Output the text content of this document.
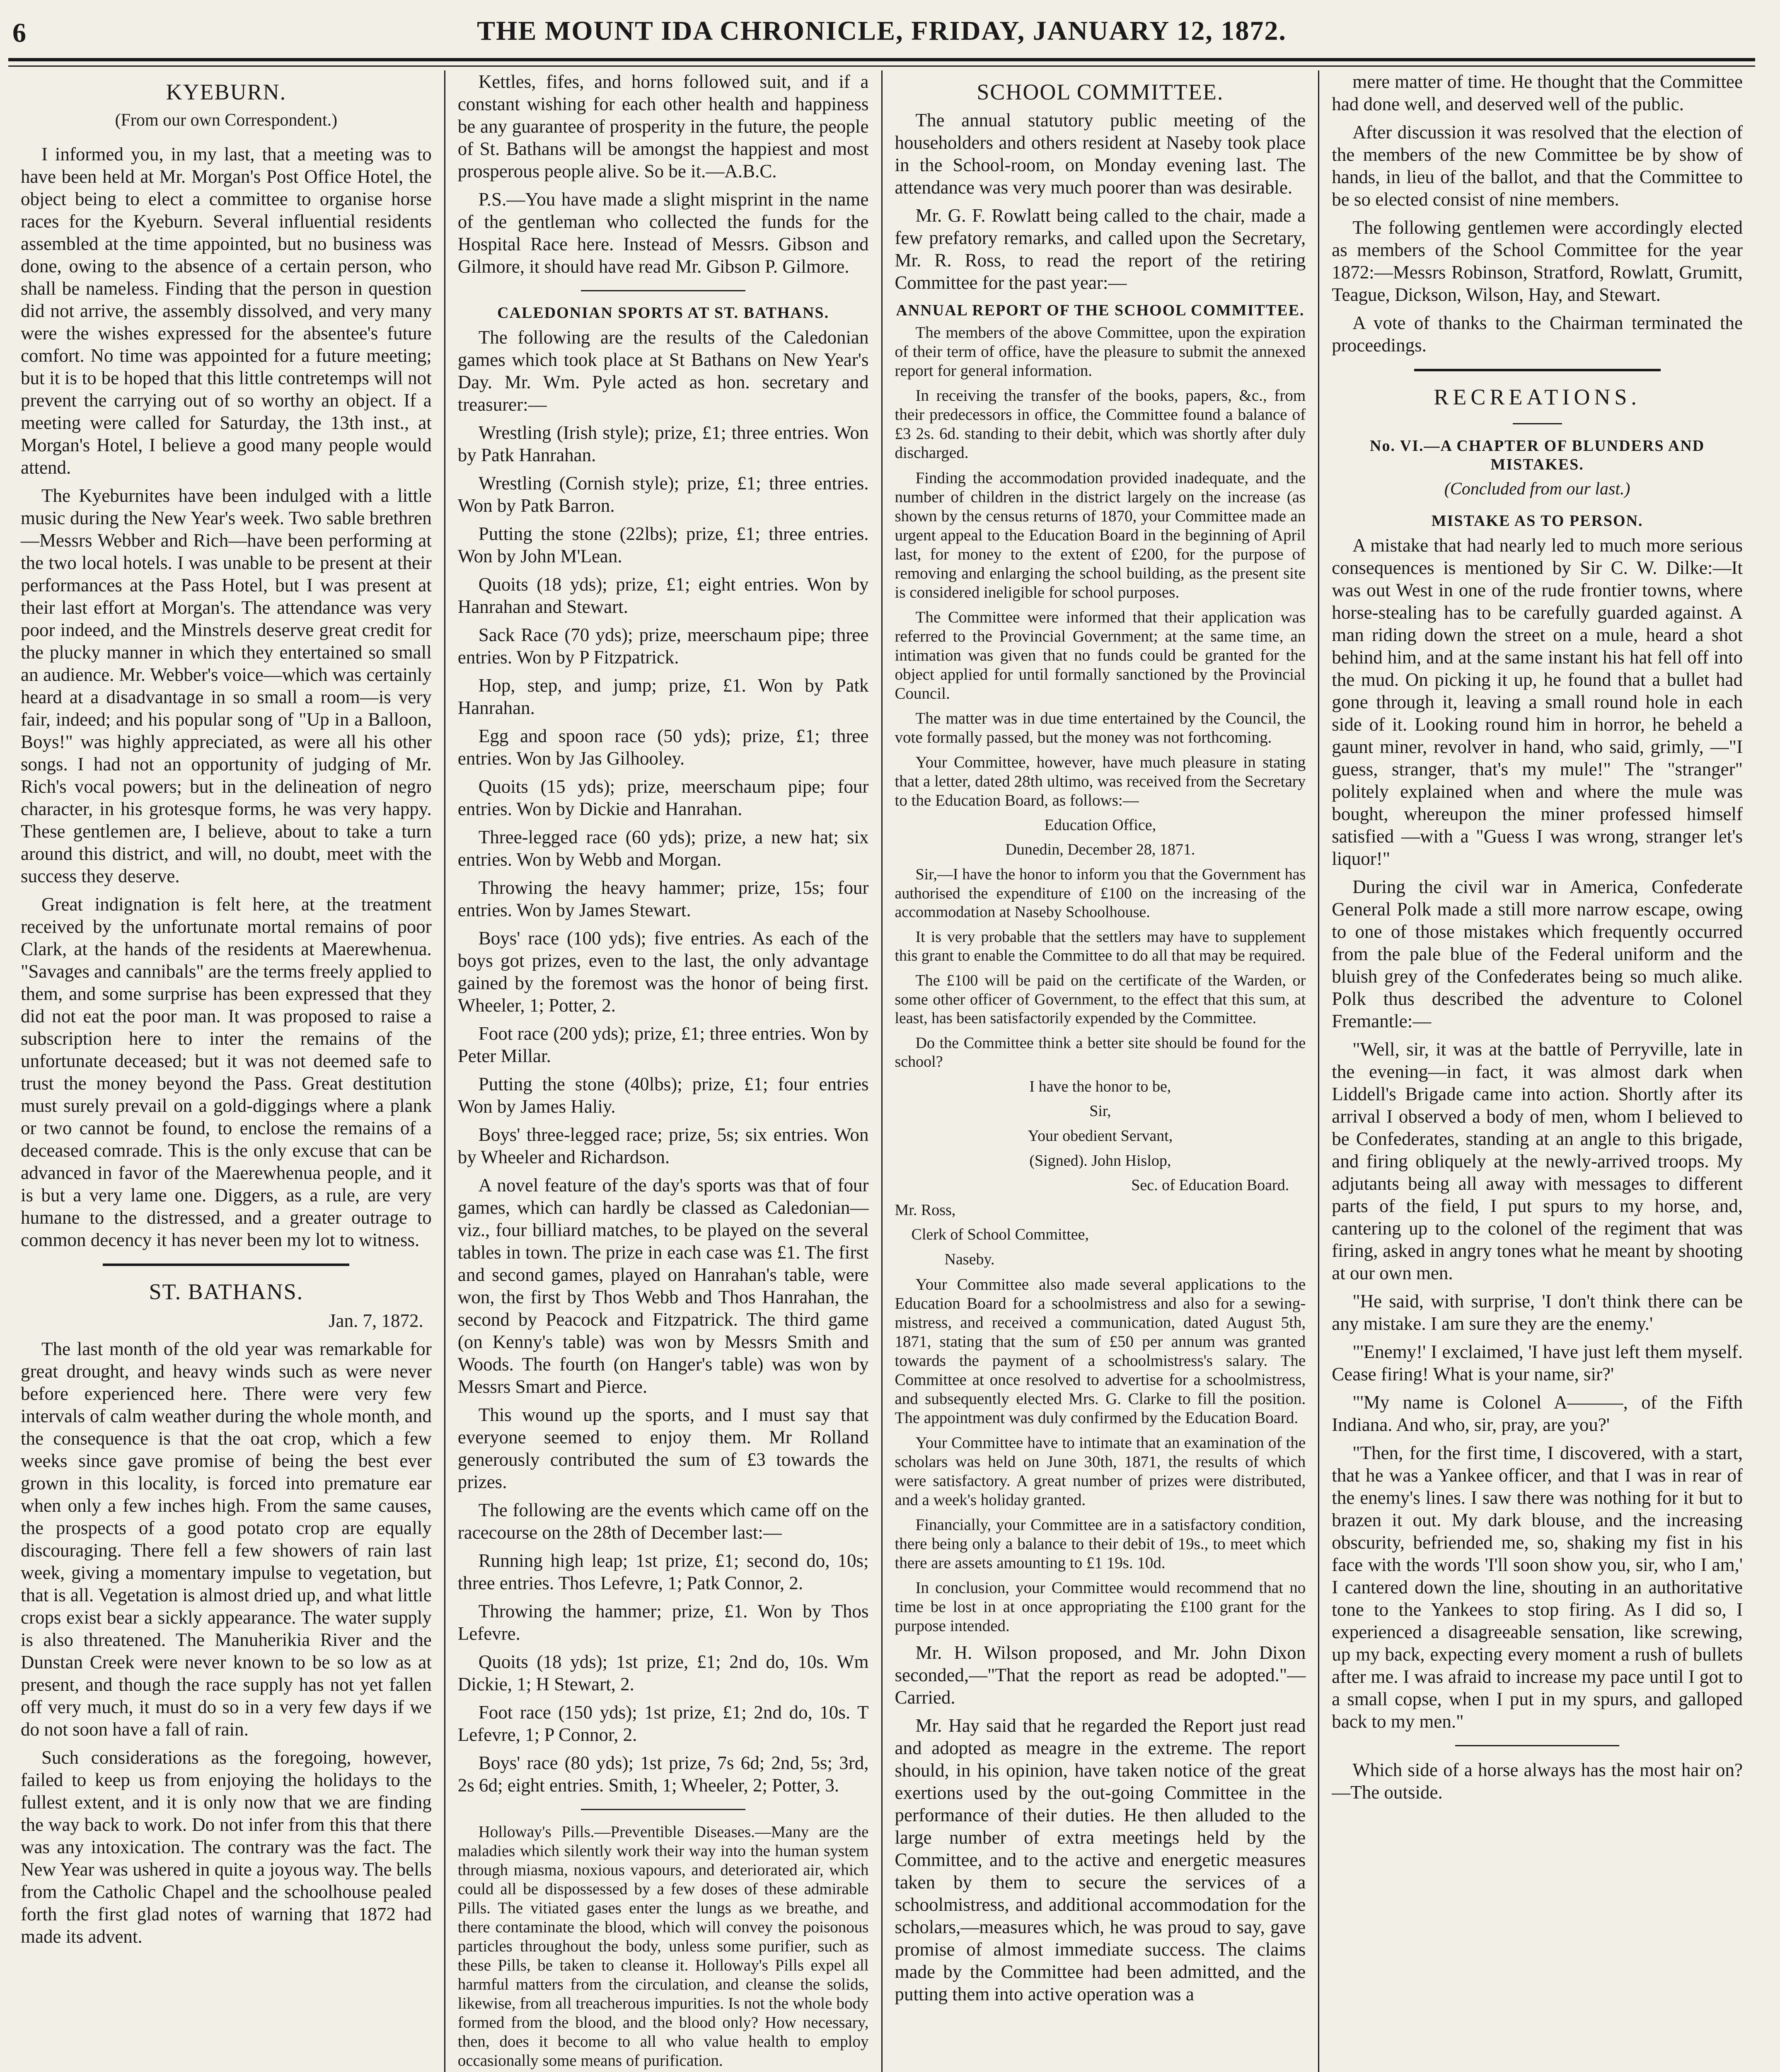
6	THE MOUNT IDA CHRONICLE, FRIDAY, JANUARY 12, 1872.
KYEBURN.
(From our own Correspondent.)

I informed you, in my last, that a meeting was to have been held at Mr. Morgan's Post Office Hotel, the object being to elect a committee to organise horse races for the Kyeburn. Several influential residents assembled at the time appointed, but no business was done, owing to the absence of a certain person, who shall be nameless. Finding that the person in question did not arrive, the assembly dissolved, and very many were the wishes expressed for the absentee's future comfort. No time was appointed for a future meeting; but it is to be hoped that this little contretemps will not prevent the carrying out of so worthy an object. If a meeting were called for Saturday, the 13th inst., at Morgan's Hotel, I believe a good many people would attend.

The Kyeburnites have been indulged with a little music during the New Year's week. Two sable brethren—Messrs Webber and Rich—have been performing at the two local hotels. I was unable to be present at their performances at the Pass Hotel, but I was present at their last effort at Morgan's. The attendance was very poor indeed, and the Minstrels deserve great credit for the plucky manner in which they entertained so small an audience. Mr. Webber's voice—which was certainly heard at a disadvantage in so small a room—is very fair, indeed; and his popular song of "Up in a Balloon, Boys!" was highly appreciated, as were all his other songs. I had not an opportunity of judging of Mr. Rich's vocal powers; but in the delineation of negro character, in his grotesque forms, he was very happy. These gentlemen are, I believe, about to take a turn around this district, and will, no doubt, meet with the success they deserve.

Great indignation is felt here, at the treatment received by the unfortunate mortal remains of poor Clark, at the hands of the residents at Maerewhenua. "Savages and cannibals" are the terms freely applied to them, and some surprise has been expressed that they did not eat the poor man. It was proposed to raise a subscription here to inter the remains of the unfortunate deceased; but it was not deemed safe to trust the money beyond the Pass. Great destitution must surely prevail on a gold-diggings where a plank or two cannot be found, to enclose the remains of a deceased comrade. This is the only excuse that can be advanced in favor of the Maerewhenua people, and it is but a very lame one. Diggers, as a rule, are very humane to the distressed, and a greater outrage to common decency it has never been my lot to witness.

ST. BATHANS.
Jan. 7, 1872.

The last month of the old year was remarkable for great drought, and heavy winds such as were never before experienced here. There were very few intervals of calm weather during the whole month, and the consequence is that the oat crop, which a few weeks since gave promise of being the best ever grown in this locality, is forced into premature ear when only a few inches high. From the same causes, the prospects of a good potato crop are equally discouraging. There fell a few showers of rain last week, giving a momentary impulse to vegetation, but that is all. Vegetation is almost dried up, and what little crops exist bear a sickly appearance. The water supply is also threatened. The Manuherikia River and the Dunstan Creek were never known to be so low as at present, and though the race supply has not yet fallen off very much, it must do so in a very few days if we do not soon have a fall of rain.

Such considerations as the foregoing, however, failed to keep us from enjoying the holidays to the fullest extent, and it is only now that we are finding the way back to work. Do not infer from this that there was any intoxication. The contrary was the fact. The New Year was ushered in quite a joyous way. The bells from the Catholic Chapel and the schoolhouse pealed forth the first glad notes of warning that 1872 had made its advent.

Kettles, fifes, and horns followed suit, and if a constant wishing for each other health and happiness be any guarantee of prosperity in the future, the people of St. Bathans will be amongst the happiest and most prosperous people alive. So be it.—A.B.C.

P.S.—You have made a slight misprint in the name of the gentleman who collected the funds for the Hospital Race here. Instead of Messrs. Gibson and Gilmore, it should have read Mr. Gibson P. Gilmore.

CALEDONIAN SPORTS AT ST. BATHANS.

The following are the results of the Caledonian games which took place at St Bathans on New Year's Day. Mr. Wm. Pyle acted as hon. secretary and treasurer:—

Wrestling (Irish style); prize, £1; three entries. Won by Patk Hanrahan.

Wrestling (Cornish style); prize, £1; three entries. Won by Patk Barron.

Putting the stone (22lbs); prize, £1; three entries. Won by John M'Lean.

Quoits (18 yds); prize, £1; eight entries. Won by Hanrahan and Stewart.

Sack Race (70 yds); prize, meerschaum pipe; three entries. Won by P Fitzpatrick.

Hop, step, and jump; prize, £1. Won by Patk Hanrahan.

Egg and spoon race (50 yds); prize, £1; three entries. Won by Jas Gilhooley.

Quoits (15 yds); prize, meerschaum pipe; four entries. Won by Dickie and Hanrahan.

Three-legged race (60 yds); prize, a new hat; six entries. Won by Webb and Morgan.

Throwing the heavy hammer; prize, 15s; four entries. Won by James Stewart.

Boys' race (100 yds); five entries. As each of the boys got prizes, even to the last, the only advantage gained by the foremost was the honor of being first. Wheeler, 1; Potter, 2.

Foot race (200 yds); prize, £1; three entries. Won by Peter Millar.

Putting the stone (40lbs); prize, £1; four entries Won by James Haliy.

Boys' three-legged race; prize, 5s; six entries. Won by Wheeler and Richardson.

A novel feature of the day's sports was that of four games, which can hardly be classed as Caledonian—viz., four billiard matches, to be played on the several tables in town. The prize in each case was £1. The first and second games, played on Hanrahan's table, were won, the first by Thos Webb and Thos Hanrahan, the second by Peacock and Fitzpatrick. The third game (on Kenny's table) was won by Messrs Smith and Woods. The fourth (on Hanger's table) was won by Messrs Smart and Pierce.

This wound up the sports, and I must say that everyone seemed to enjoy them. Mr Rolland generously contributed the sum of £3 towards the prizes.

The following are the events which came off on the racecourse on the 28th of December last:—

Running high leap; 1st prize, £1; second do, 10s; three entries. Thos Lefevre, 1; Patk Connor, 2.

Throwing the hammer; prize, £1. Won by Thos Lefevre.

Quoits (18 yds); 1st prize, £1; 2nd do, 10s. Wm Dickie, 1; H Stewart, 2.

Foot race (150 yds); 1st prize, £1; 2nd do, 10s. T Lefevre, 1; P Connor, 2.

Boys' race (80 yds); 1st prize, 7s 6d; 2nd, 5s; 3rd, 2s 6d; eight entries. Smith, 1; Wheeler, 2; Potter, 3.

Holloway's Pills.—Preventible Diseases.—Many are the maladies which silently work their way into the human system through miasma, noxious vapours, and deteriorated air, which could all be dispossessed by a few doses of these admirable Pills. The vitiated gases enter the lungs as we breathe, and there contaminate the blood, which will convey the poisonous particles throughout the body, unless some purifier, such as these Pills, be taken to cleanse it. Holloway's Pills expel all harmful matters from the circulation, and cleanse the solids, likewise, from all treacherous impurities. Is not the whole body formed from the blood, and the blood only? How necessary, then, does it become to all who value health to employ occasionally some means of purification.

SCHOOL COMMITTEE.

The annual statutory public meeting of the householders and others resident at Naseby took place in the School-room, on Monday evening last. The attendance was very much poorer than was desirable.

Mr. G. F. Rowlatt being called to the chair, made a few prefatory remarks, and called upon the Secretary, Mr. R. Ross, to read the report of the retiring Committee for the past year:—

ANNUAL REPORT OF THE SCHOOL COMMITTEE.

The members of the above Committee, upon the expiration of their term of office, have the pleasure to submit the annexed report for general information.

In receiving the transfer of the books, papers, &c., from their predecessors in office, the Committee found a balance of £3 2s. 6d. standing to their debit, which was shortly after duly discharged.

Finding the accommodation provided inadequate, and the number of children in the district largely on the increase (as shown by the census returns of 1870, your Committee made an urgent appeal to the Education Board in the beginning of April last, for money to the extent of £200, for the purpose of removing and enlarging the school building, as the present site is considered ineligible for school purposes.

The Committee were informed that their application was referred to the Provincial Government; at the same time, an intimation was given that no funds could be granted for the object applied for until formally sanctioned by the Provincial Council.

The matter was in due time entertained by the Council, the vote formally passed, but the money was not forthcoming.

Your Committee, however, have much pleasure in stating that a letter, dated 28th ultimo, was received from the Secretary to the Education Board, as follows:—

Education Office,

Dunedin, December 28, 1871.

Sir,—I have the honor to inform you that the Government has authorised the expenditure of £100 on the increasing of the accommodation at Naseby Schoolhouse.

It is very probable that the settlers may have to supplement this grant to enable the Committee to do all that may be required.

The £100 will be paid on the certificate of the Warden, or some other officer of Government, to the effect that this sum, at least, has been satisfactorily expended by the Committee.

Do the Committee think a better site should be found for the school?

I have the honor to be,

Sir,

Your obedient Servant,

(Signed). John Hislop,

Sec. of Education Board.

Mr. Ross,

Clerk of School Committee,

Naseby.

Your Committee also made several applications to the Education Board for a schoolmistress and also for a sewing-mistress, and received a communication, dated August 5th, 1871, stating that the sum of £50 per annum was granted towards the payment of a schoolmistress's salary. The Committee at once resolved to advertise for a schoolmistress, and subsequently elected Mrs. G. Clarke to fill the position. The appointment was duly confirmed by the Education Board.

Your Committee have to intimate that an examination of the scholars was held on June 30th, 1871, the results of which were satisfactory. A great number of prizes were distributed, and a week's holiday granted.

Financially, your Committee are in a satisfactory condition, there being only a balance to their debit of 19s., to meet which there are assets amounting to £1 19s. 10d.

In conclusion, your Committee would recommend that no time be lost in at once appropriating the £100 grant for the purpose intended.

Mr. H. Wilson proposed, and Mr. John Dixon seconded,—"That the report as read be adopted."—Carried.

Mr. Hay said that he regarded the Report just read and adopted as meagre in the extreme. The report should, in his opinion, have taken notice of the great exertions used by the out-going Committee in the performance of their duties. He then alluded to the large number of extra meetings held by the Committee, and to the active and energetic measures taken by them to secure the services of a schoolmistress, and additional accommodation for the scholars,—measures which, he was proud to say, gave promise of almost immediate success. The claims made by the Committee had been admitted, and the putting them into active operation was a

mere matter of time. He thought that the Committee had done well, and deserved well of the public.

After discussion it was resolved that the election of the members of the new Committee be by show of hands, in lieu of the ballot, and that the Committee to be so elected consist of nine members.

The following gentlemen were accordingly elected as members of the School Committee for the year 1872:—Messrs Robinson, Stratford, Rowlatt, Grumitt, Teague, Dickson, Wilson, Hay, and Stewart.

A vote of thanks to the Chairman terminated the proceedings.

RECREATIONS.
No. VI.—A CHAPTER OF BLUNDERS AND MISTAKES.
(Concluded from our last.)
MISTAKE AS TO PERSON.

A mistake that had nearly led to much more serious consequences is mentioned by Sir C. W. Dilke:—It was out West in one of the rude frontier towns, where horse-stealing has to be carefully guarded against. A man riding down the street on a mule, heard a shot behind him, and at the same instant his hat fell off into the mud. On picking it up, he found that a bullet had gone through it, leaving a small round hole in each side of it. Looking round him in horror, he beheld a gaunt miner, revolver in hand, who said, grimly, —"I guess, stranger, that's my mule!" The "stranger" politely explained when and where the mule was bought, whereupon the miner professed himself satisfied —with a "Guess I was wrong, stranger let's liquor!"

During the civil war in America, Confederate General Polk made a still more narrow escape, owing to one of those mistakes which frequently occurred from the pale blue of the Federal uniform and the bluish grey of the Confederates being so much alike. Polk thus described the adventure to Colonel Fremantle:—

"Well, sir, it was at the battle of Perryville, late in the evening—in fact, it was almost dark when Liddell's Brigade came into action. Shortly after its arrival I observed a body of men, whom I believed to be Confederates, standing at an angle to this brigade, and firing obliquely at the newly-arrived troops. My adjutants being all away with messages to different parts of the field, I put spurs to my horse, and, cantering up to the colonel of the regiment that was firing, asked in angry tones what he meant by shooting at our own men.

"He said, with surprise, 'I don't think there can be any mistake. I am sure they are the enemy.'

"'Enemy!' I exclaimed, 'I have just left them myself. Cease firing! What is your name, sir?'

"'My name is Colonel A———, of the Fifth Indiana. And who, sir, pray, are you?'

"Then, for the first time, I discovered, with a start, that he was a Yankee officer, and that I was in rear of the enemy's lines. I saw there was nothing for it but to brazen it out. My dark blouse, and the increasing obscurity, befriended me, so, shaking my fist in his face with the words 'I'll soon show you, sir, who I am,' I cantered down the line, shouting in an authoritative tone to the Yankees to stop firing. As I did so, I experienced a disagreeable sensation, like screwing, up my back, expecting every moment a rush of bullets after me. I was afraid to increase my pace until I got to a small copse, when I put in my spurs, and galloped back to my men."

Which side of a horse always has the most hair on?—The outside.
